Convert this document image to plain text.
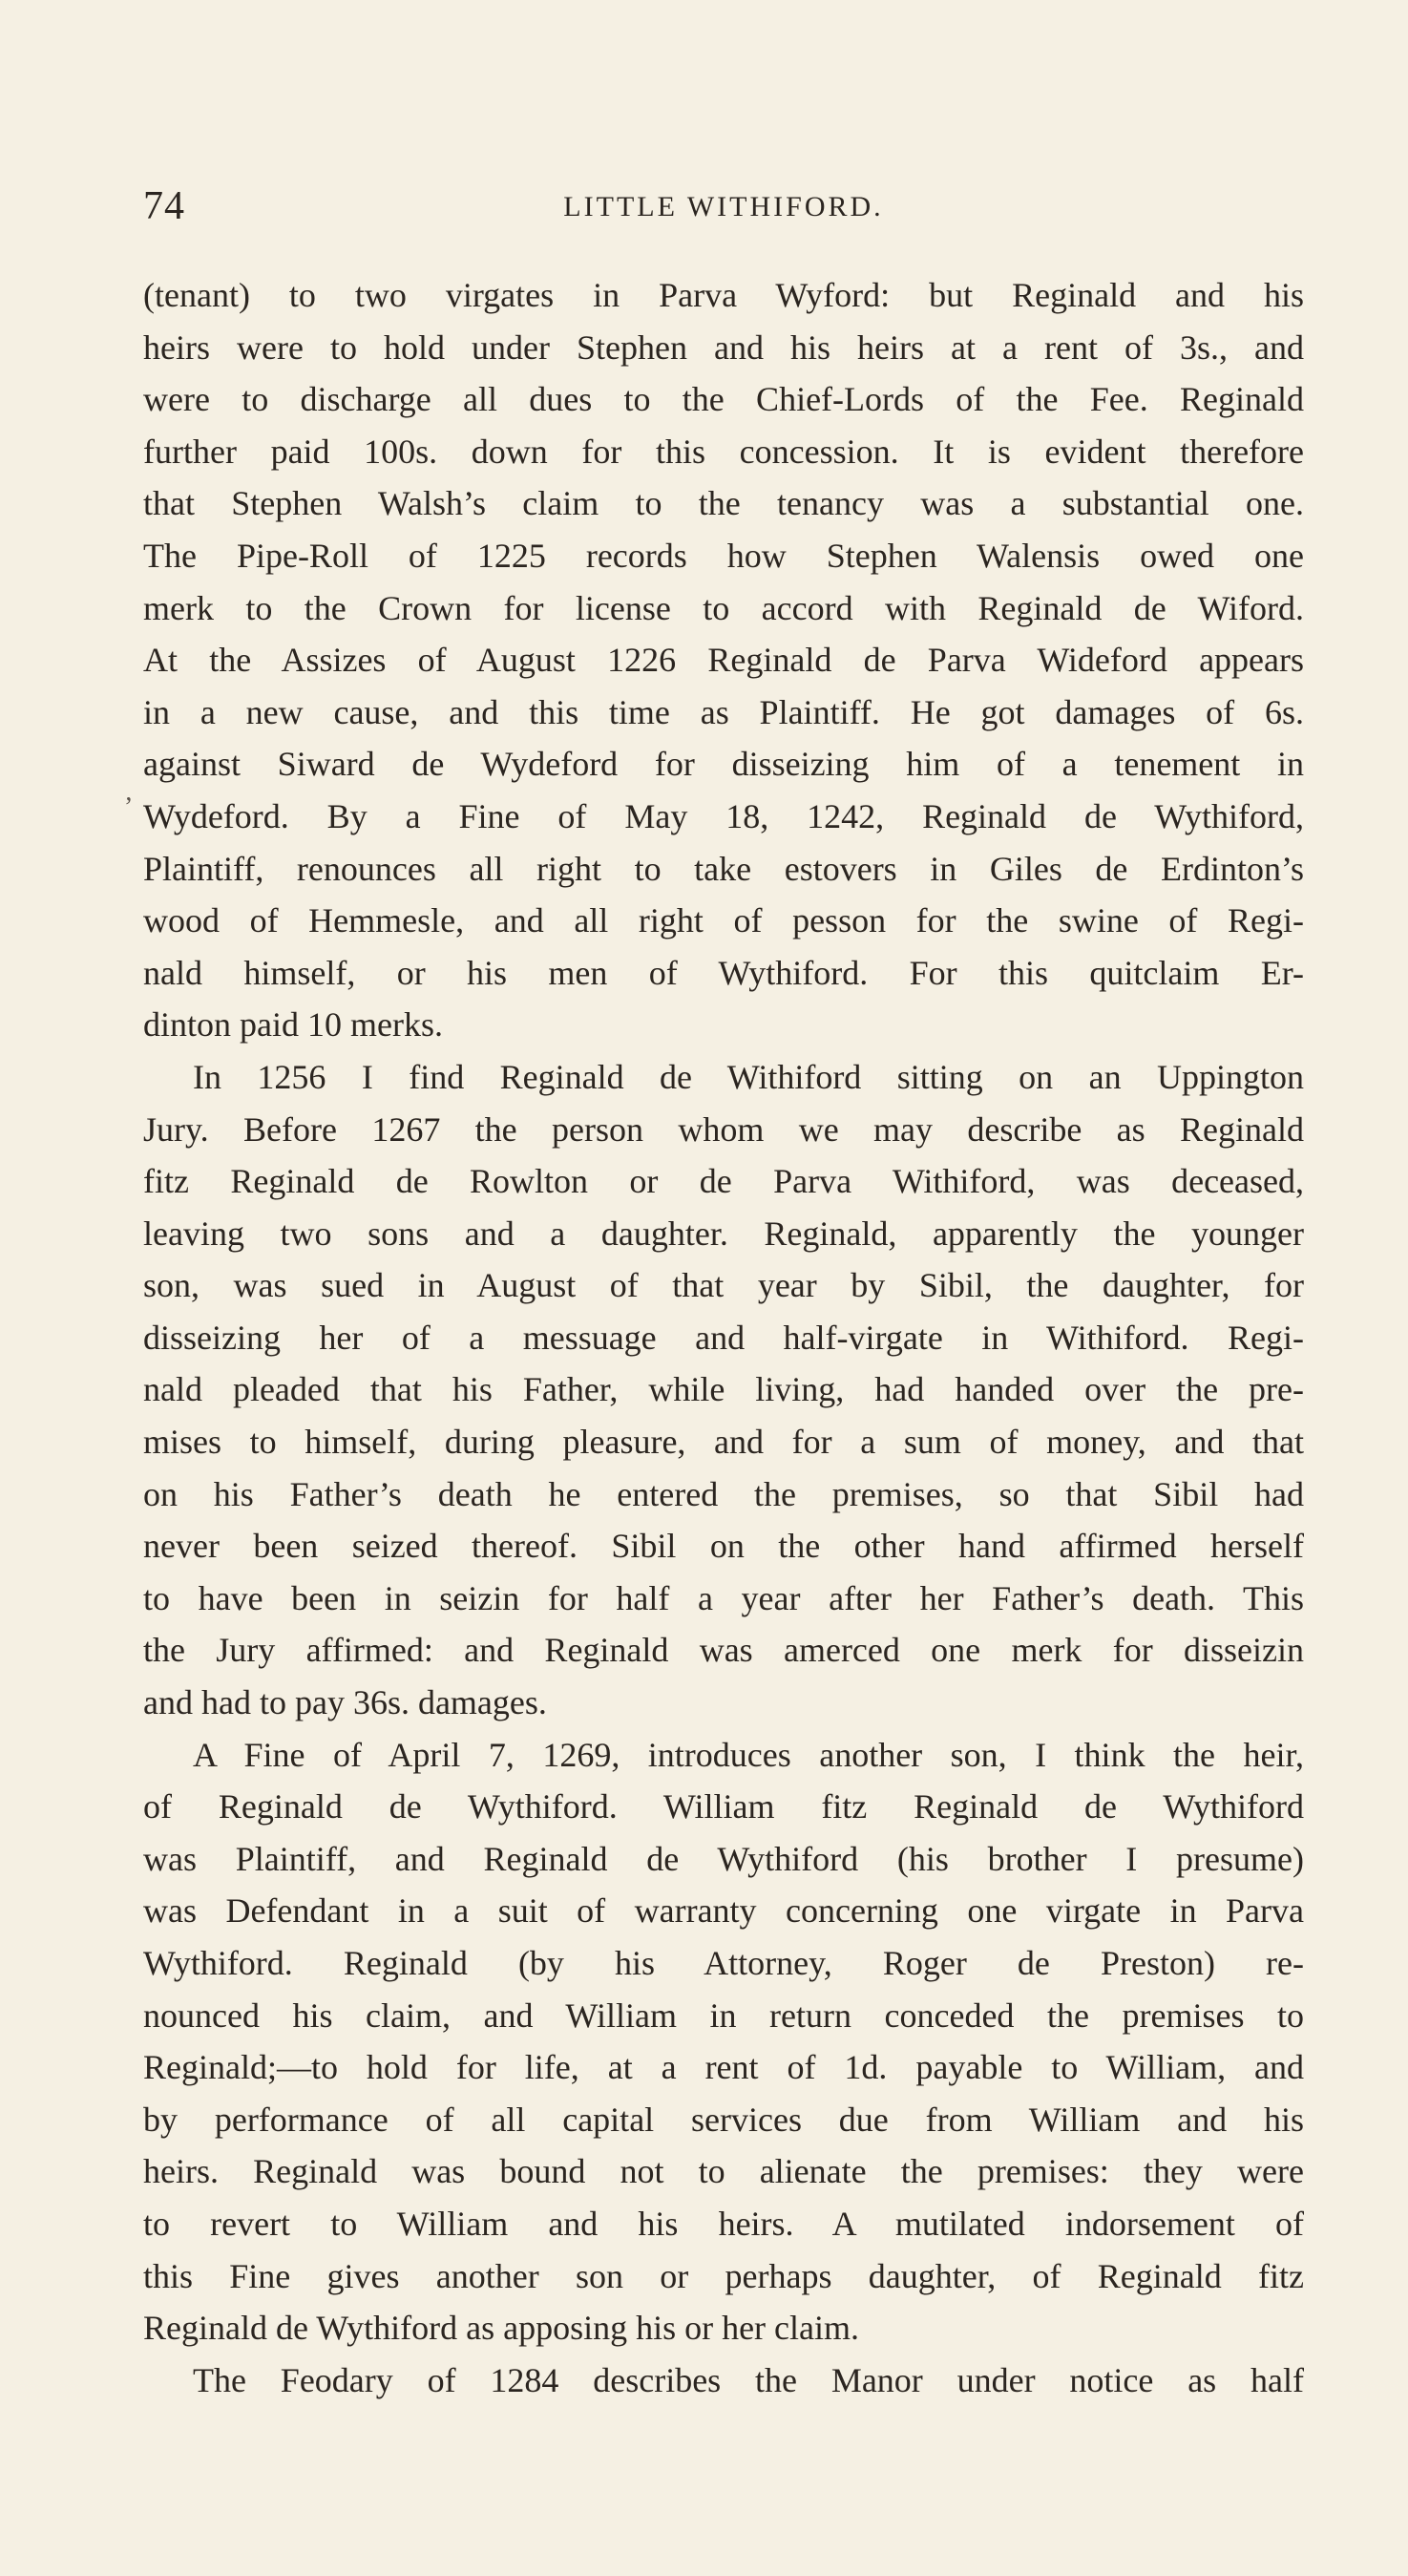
74	LITTLE WITHIFORD.
’
(tenant) to two virgates in Parva Wyford: but Reginald and his
heirs were to hold under Stephen and his heirs at a rent of 3s., and
were to discharge all dues to the Chief-Lords of the Fee. Reginald
further paid 100s. down for this concession. It is evident therefore
that Stephen Walsh’s claim to the tenancy was a substantial one.
The Pipe-Roll of 1225 records how Stephen Walensis owed one
merk to the Crown for license to accord with Reginald de Wiford.
At the Assizes of August 1226 Reginald de Parva Wideford appears
in a new cause, and this time as Plaintiff. He got damages of 6s.
against Siward de Wydeford for disseizing him of a tenement in
Wydeford. By a Fine of May 18, 1242, Reginald de Wythiford,
Plaintiff, renounces all right to take estovers in Giles de Erdinton’s
wood of Hemmesle, and all right of pesson for the swine of Regi-
nald himself, or his men of Wythiford. For this quitclaim Er-
dinton paid 10 merks.
In 1256 I find Reginald de Withiford sitting on an Uppington
Jury. Before 1267 the person whom we may describe as Reginald
fitz Reginald de Rowlton or de Parva Withiford, was deceased,
leaving two sons and a daughter. Reginald, apparently the younger
son, was sued in August of that year by Sibil, the daughter, for
disseizing her of a messuage and half-virgate in Withiford. Regi-
nald pleaded that his Father, while living, had handed over the pre-
mises to himself, during pleasure, and for a sum of money, and that
on his Father’s death he entered the premises, so that Sibil had
never been seized thereof. Sibil on the other hand affirmed herself
to have been in seizin for half a year after her Father’s death. This
the Jury affirmed: and Reginald was amerced one merk for disseizin
and had to pay 36s. damages.
A Fine of April 7, 1269, introduces another son, I think the heir,
of Reginald de Wythiford. William fitz Reginald de Wythiford
was Plaintiff, and Reginald de Wythiford (his brother I presume)
was Defendant in a suit of warranty concerning one virgate in Parva
Wythiford. Reginald (by his Attorney, Roger de Preston) re-
nounced his claim, and William in return conceded the premises to
Reginald;—to hold for life, at a rent of 1d. payable to William, and
by performance of all capital services due from William and his
heirs. Reginald was bound not to alienate the premises: they were
to revert to William and his heirs. A mutilated indorsement of
this Fine gives another son or perhaps daughter, of Reginald fitz
Reginald de Wythiford as apposing his or her claim.
The Feodary of 1284 describes the Manor under notice as half
